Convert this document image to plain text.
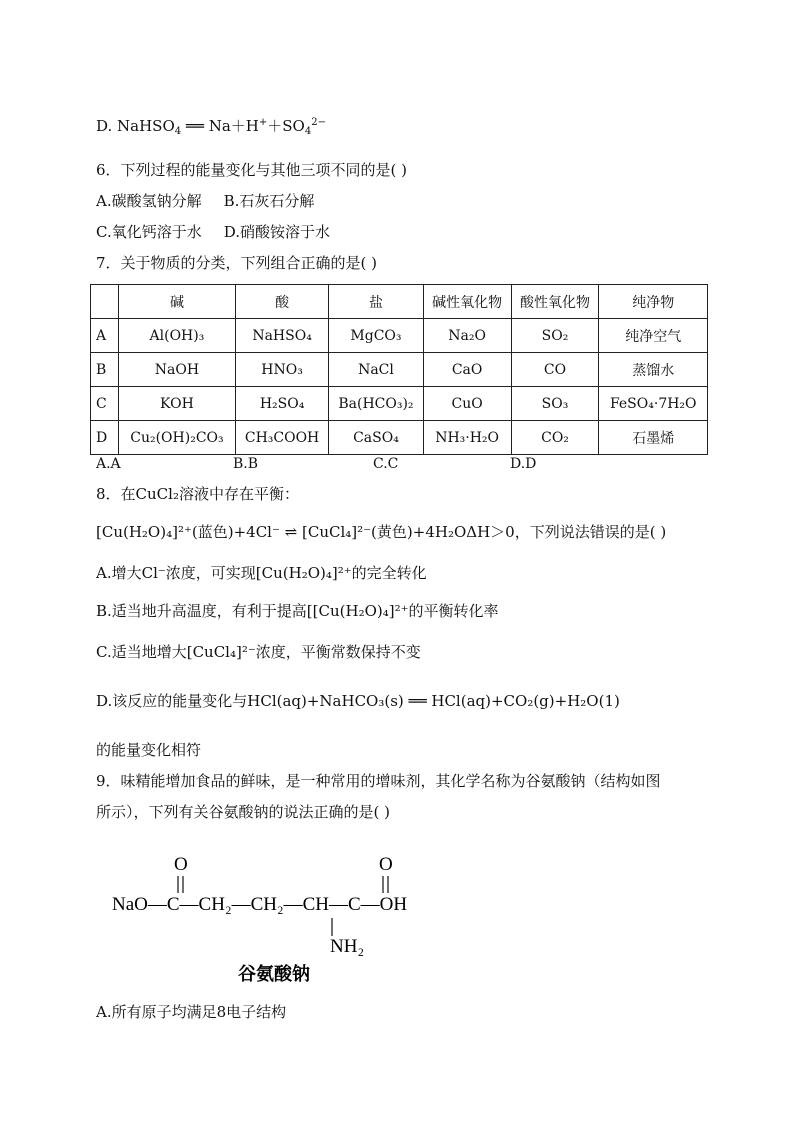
D. NaHSO$_4$ ══ $Na+H^++SO_4^{2-}$
6．下列过程的能量变化与其他三项不同的是( )
A.碳酸氢钠分解 B.石灰石分解
C.氧化钙溶于水 D.硝酸铵溶于水
7．关于物质的分类，下列组合正确的是( )
	碱	酸	盐	碱性氧化物	酸性氧化物	纯净物
A	Al(OH)₃	NaHSO₄	MgCO₃	Na₂O	SO₂	纯净空气
B	NaOH	HNO₃	NaCl	CaO	CO	蒸馏水
C	KOH	H₂SO₄	Ba(HCO₃)₂	CuO	SO₃	FeSO₄·7H₂O
D	Cu₂(OH)₂CO₃	CH₃COOH	CaSO₄	NH₃·H₂O	CO₂	石墨烯
A.A	B.B	C.C	D.D
8．在CuCl₂溶液中存在平衡：
[Cu(H₂O)₄]²⁺(蓝色)+4Cl⁻ ⇌ [CuCl₄]²⁻(黄色)+4H₂OΔH＞0，下列说法错误的是( )
A.增大Cl⁻浓度，可实现[Cu(H₂O)₄]²⁺的完全转化
B.适当地升高温度，有利于提高[[Cu(H₂O)₄]²⁺的平衡转化率
C.适当地增大[CuCl₄]²⁻浓度，平衡常数保持不变
D.该反应的能量变化与HCl(aq)+NaHCO₃(s) ══ HCl(aq)+CO₂(g)+H₂O(1)
的能量变化相符
9．味精能增加食品的鲜味，是一种常用的增味剂，其化学名称为谷氨酸钠（结构如图
所示），下列有关谷氨酸钠的说法正确的是( )
O	O
NaO—C—CH₂—CH₂—CH—C—OH
NH₂
谷氨酸钠
A.所有原子均满足8电子结构
